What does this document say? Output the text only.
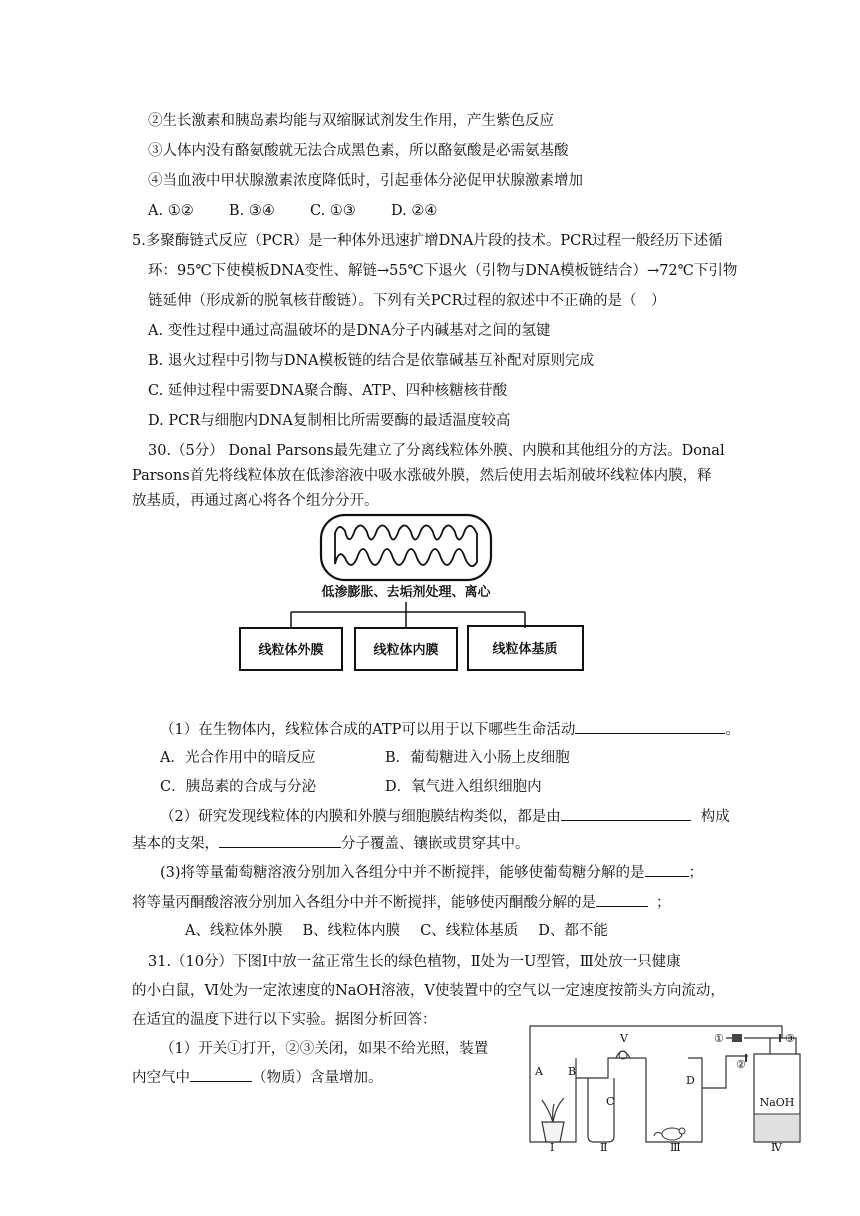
②生长激素和胰岛素均能与双缩脲试剂发生作用，产生紫色反应
③人体内没有酪氨酸就无法合成黑色素，所以酪氨酸是必需氨基酸
④当血液中甲状腺激素浓度降低时，引起垂体分泌促甲状腺激素增加
A. ①② B. ③④ C. ①③ D. ②④
5.多聚酶链式反应（PCR）是一种体外迅速扩增DNA片段的技术。PCR过程一般经历下述循
环：95℃下使模板DNA变性、解链→55℃下退火（引物与DNA模板链结合）→72℃下引物
链延伸（形成新的脱氧核苷酸链）。下列有关PCR过程的叙述中不正确的是（　）
A. 变性过程中通过高温破坏的是DNA分子内碱基对之间的氢键
B. 退火过程中引物与DNA模板链的结合是依靠碱基互补配对原则完成
C. 延伸过程中需要DNA聚合酶、ATP、四种核糖核苷酸
D. PCR与细胞内DNA复制相比所需要酶的最适温度较高
30.（5分） Donal Parsons最先建立了分离线粒体外膜、内膜和其他组分的方法。Donal
Parsons首先将线粒体放在低渗溶液中吸水涨破外膜，然后使用去垢剂破坏线粒体内膜，释
放基质，再通过离心将各个组分分开。
低渗膨胀、去垢剂处理、离心
线粒体外膜	线粒体内膜	线粒体基质
（1）在生物体内，线粒体合成的ATP可以用于以下哪些生命活动	。
A．光合作用中的暗反应	B．葡萄糖进入小肠上皮细胞
C．胰岛素的合成与分泌	D．氧气进入组织细胞内
（2）研究发现线粒体的内膜和外膜与细胞膜结构类似，都是由	构成
基本的支架，	分子覆盖、镶嵌或贯穿其中。
(3)将等量葡萄糖溶液分别加入各组分中并不断搅拌，能够使葡萄糖分解的是	；
将等量丙酮酸溶液分别加入各组分中并不断搅拌，能够使丙酮酸分解的是	；
A、线粒体外膜 B、线粒体内膜 C、线粒体基质 D、都不能
31.（10分）下图Ⅰ中放一盆正常生长的绿色植物，Ⅱ处为一U型管，Ⅲ处放一只健康
的小白鼠，Ⅵ处为一定浓速度的NaOH溶液，Ⅴ使装置中的空气以一定速度按箭头方向流动，
在适宜的温度下进行以下实验。据图分析回答：
（1）开关①打开，②③关闭，如果不给光照，装置
内空气中	（物质）含量增加。	A B
C
D
V	①
②
③
NaOH
Ⅰ	Ⅱ	Ⅲ	Ⅳ
